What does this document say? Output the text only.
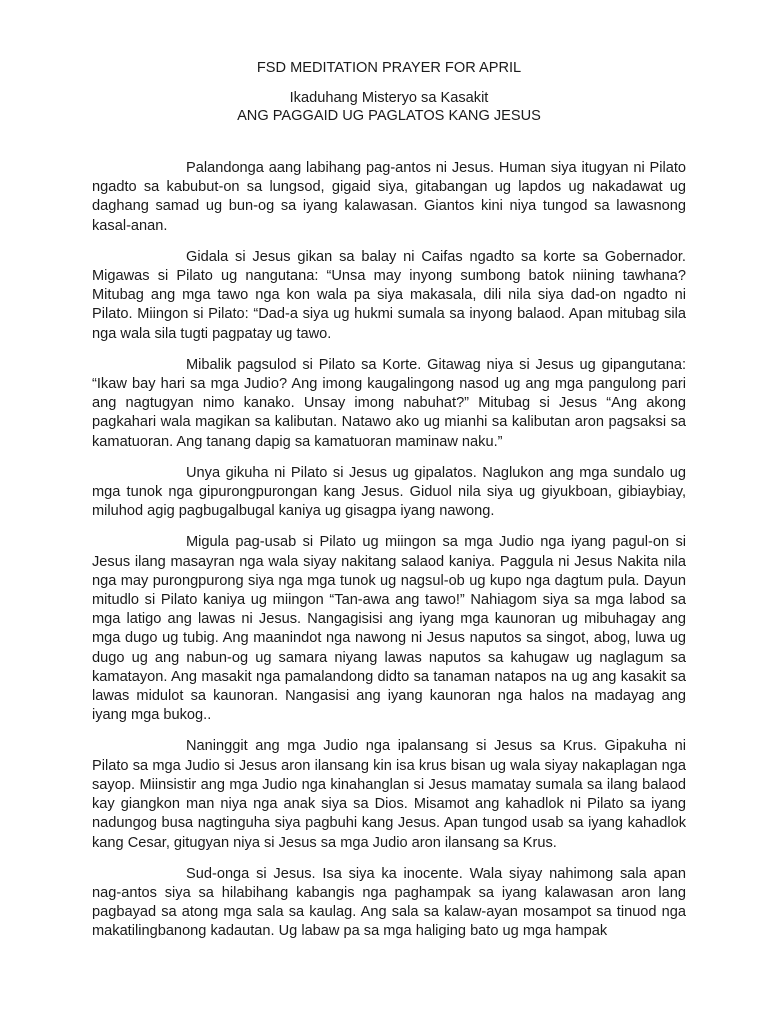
FSD MEDITATION PRAYER FOR APRIL

Ikaduhang Misteryo sa Kasakit

ANG PAGGAID UG PAGLATOS KANG JESUS

Palandonga aang labihang pag-antos ni Jesus. Human siya itugyan ni Pilato ngadto sa kabubut-on sa lungsod, gigaid siya, gitabangan ug lapdos ug nakadawat ug daghang samad ug bun-og sa iyang kalawasan. Giantos kini niya tungod sa lawasnong kasal-anan.

Gidala si Jesus gikan sa balay ni Caifas ngadto sa korte sa Gobernador. Migawas si Pilato ug nangutana: “Unsa may inyong sumbong batok niining tawhana? Mitubag ang mga tawo nga kon wala pa siya makasala, dili nila siya dad-on ngadto ni Pilato. Miingon si Pilato: “Dad-a siya ug hukmi sumala sa inyong balaod. Apan mitubag sila nga wala sila tugti pagpatay ug tawo.

Mibalik pagsulod si Pilato sa Korte. Gitawag niya si Jesus ug gipangutana: “Ikaw bay hari sa mga Judio? Ang imong kaugalingong nasod ug ang mga pangulong pari ang nagtugyan nimo kanako. Unsay imong nabuhat?” Mitubag si Jesus “Ang akong pagkahari wala magikan sa kalibutan. Natawo ako ug mianhi sa kalibutan aron pagsaksi sa kamatuoran. Ang tanang dapig sa kamatuoran maminaw naku.”

Unya gikuha ni Pilato si Jesus ug gipalatos. Naglukon ang mga sundalo ug mga tunok nga gipurongpurongan kang Jesus. Giduol nila siya ug giyukboan, gibiaybiay, miluhod agig pagbugalbugal kaniya ug gisagpa iyang nawong.

Migula pag-usab si Pilato ug miingon sa mga Judio nga iyang pagul-on si Jesus ilang masayran nga wala siyay nakitang salaod kaniya. Paggula ni Jesus Nakita nila nga may purongpurong siya nga mga tunok ug nagsul-ob ug kupo nga dagtum pula. Dayun mitudlo si Pilato kaniya ug miingon “Tan-awa ang tawo!” Nahiagom siya sa mga labod sa mga latigo ang lawas ni Jesus. Nangagisisi ang iyang mga kaunoran ug mibuhagay ang mga dugo ug tubig. Ang maanindot nga nawong ni Jesus naputos sa singot, abog, luwa ug dugo ug ang nabun-og ug samara niyang lawas naputos sa kahugaw ug naglagum sa kamatayon. Ang masakit nga pamalandong didto sa tanaman natapos na ug ang kasakit sa lawas midulot sa kaunoran. Nangasisi ang iyang kaunoran nga halos na madayag ang iyang mga bukog..

Naninggit ang mga Judio nga ipalansang si Jesus sa Krus. Gipakuha ni Pilato sa mga Judio si Jesus aron ilansang kin isa krus bisan ug wala siyay nakaplagan nga sayop. Miinsistir ang mga Judio nga kinahanglan si Jesus mamatay sumala sa ilang balaod kay giangkon man niya nga anak siya sa Dios. Misamot ang kahadlok ni Pilato sa iyang nadungog busa nagtinguha siya pagbuhi kang Jesus. Apan tungod usab sa iyang kahadlok kang Cesar, gitugyan niya si Jesus sa mga Judio aron ilansang sa Krus.

Sud-onga si Jesus. Isa siya ka inocente. Wala siyay nahimong sala apan nag-antos siya sa hilabihang kabangis nga paghampak sa iyang kalawasan aron lang pagbayad sa atong mga sala sa kaulag. Ang sala sa kalaw-ayan mosampot sa tinuod nga makatilingbanong kadautan. Ug labaw pa sa mga haliging bato ug mga hampak
